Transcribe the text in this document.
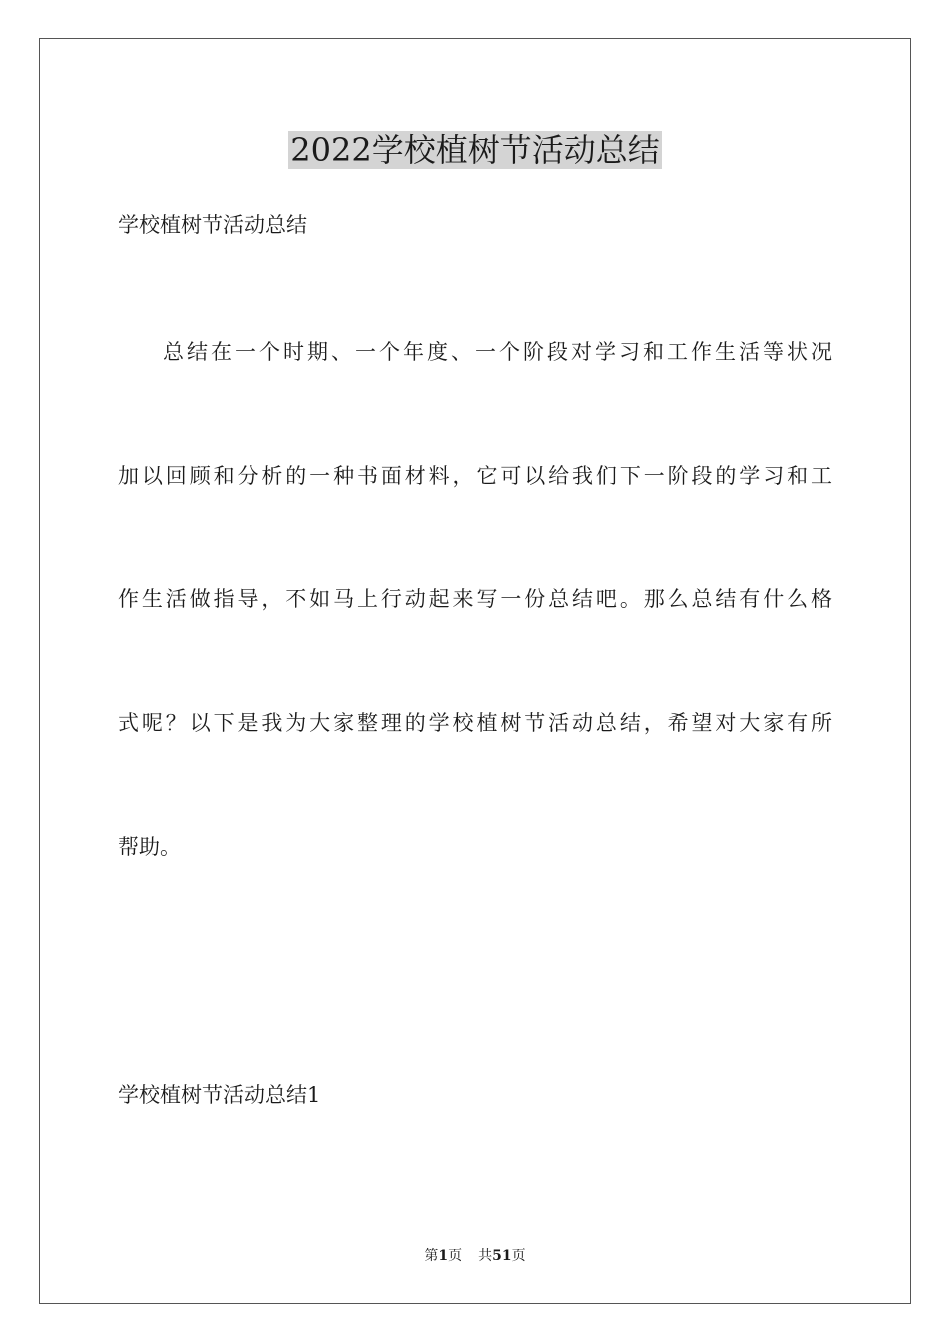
2022学校植树节活动总结
学校植树节活动总结
总结在一个时期、一个年度、一个阶段对学习和工作生活等状况
加以回顾和分析的一种书面材料，它可以给我们下一阶段的学习和工
作生活做指导，不如马上行动起来写一份总结吧。那么总结有什么格
式呢？以下是我为大家整理的学校植树节活动总结，希望对大家有所
帮助。
学校植树节活动总结1
第1页 共51页
